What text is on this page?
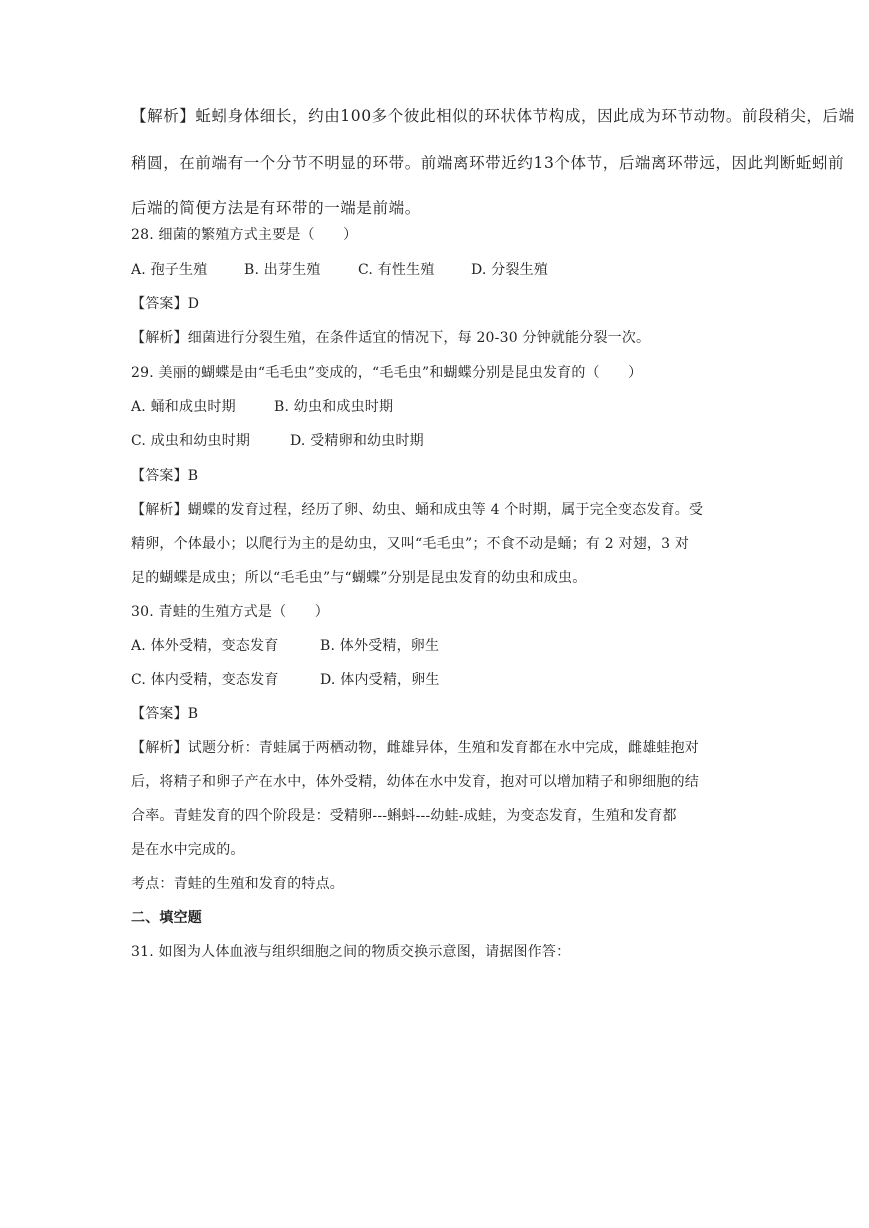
【解析】蚯蚓身体细长，约由100多个彼此相似的环状体节构成，因此成为环节动物。前段稍尖，后端
稍圆，在前端有一个分节不明显的环带。前端离环带近约13个体节，后端离环带远，因此判断蚯蚓前
后端的简便方法是有环带的一端是前端。
28. 细菌的繁殖方式主要是（　　）
A. 孢子生殖	B. 出芽生殖	C. 有性生殖	D. 分裂生殖
【答案】D
【解析】细菌进行分裂生殖，在条件适宜的情况下，每 20-30 分钟就能分裂一次。
29. 美丽的蝴蝶是由“毛毛虫”变成的，“毛毛虫”和蝴蝶分别是昆虫发育的（　　）
A. 蛹和成虫时期	B. 幼虫和成虫时期
C. 成虫和幼虫时期	D. 受精卵和幼虫时期
【答案】B
【解析】蝴蝶的发育过程，经历了卵、幼虫、蛹和成虫等 4 个时期，属于完全变态发育。受
精卵，个体最小；以爬行为主的是幼虫，又叫“毛毛虫”；不食不动是蛹；有 2 对翅，3 对
足的蝴蝶是成虫；所以“毛毛虫”与“蝴蝶”分别是昆虫发育的幼虫和成虫。
30. 青蛙的生殖方式是（　　）
A. 体外受精，变态发育	B. 体外受精，卵生
C. 体内受精，变态发育	D. 体内受精，卵生
【答案】B
【解析】试题分析：青蛙属于两栖动物，雌雄异体，生殖和发育都在水中完成，雌雄蛙抱对
后，将精子和卵子产在水中，体外受精，幼体在水中发育，抱对可以增加精子和卵细胞的结
合率。青蛙发育的四个阶段是：受精卵---蝌蚪---幼蛙-成蛙，为变态发育，生殖和发育都
是在水中完成的。
考点：青蛙的生殖和发育的特点。
二、填空题
31. 如图为人体血液与组织细胞之间的物质交换示意图，请据图作答：
